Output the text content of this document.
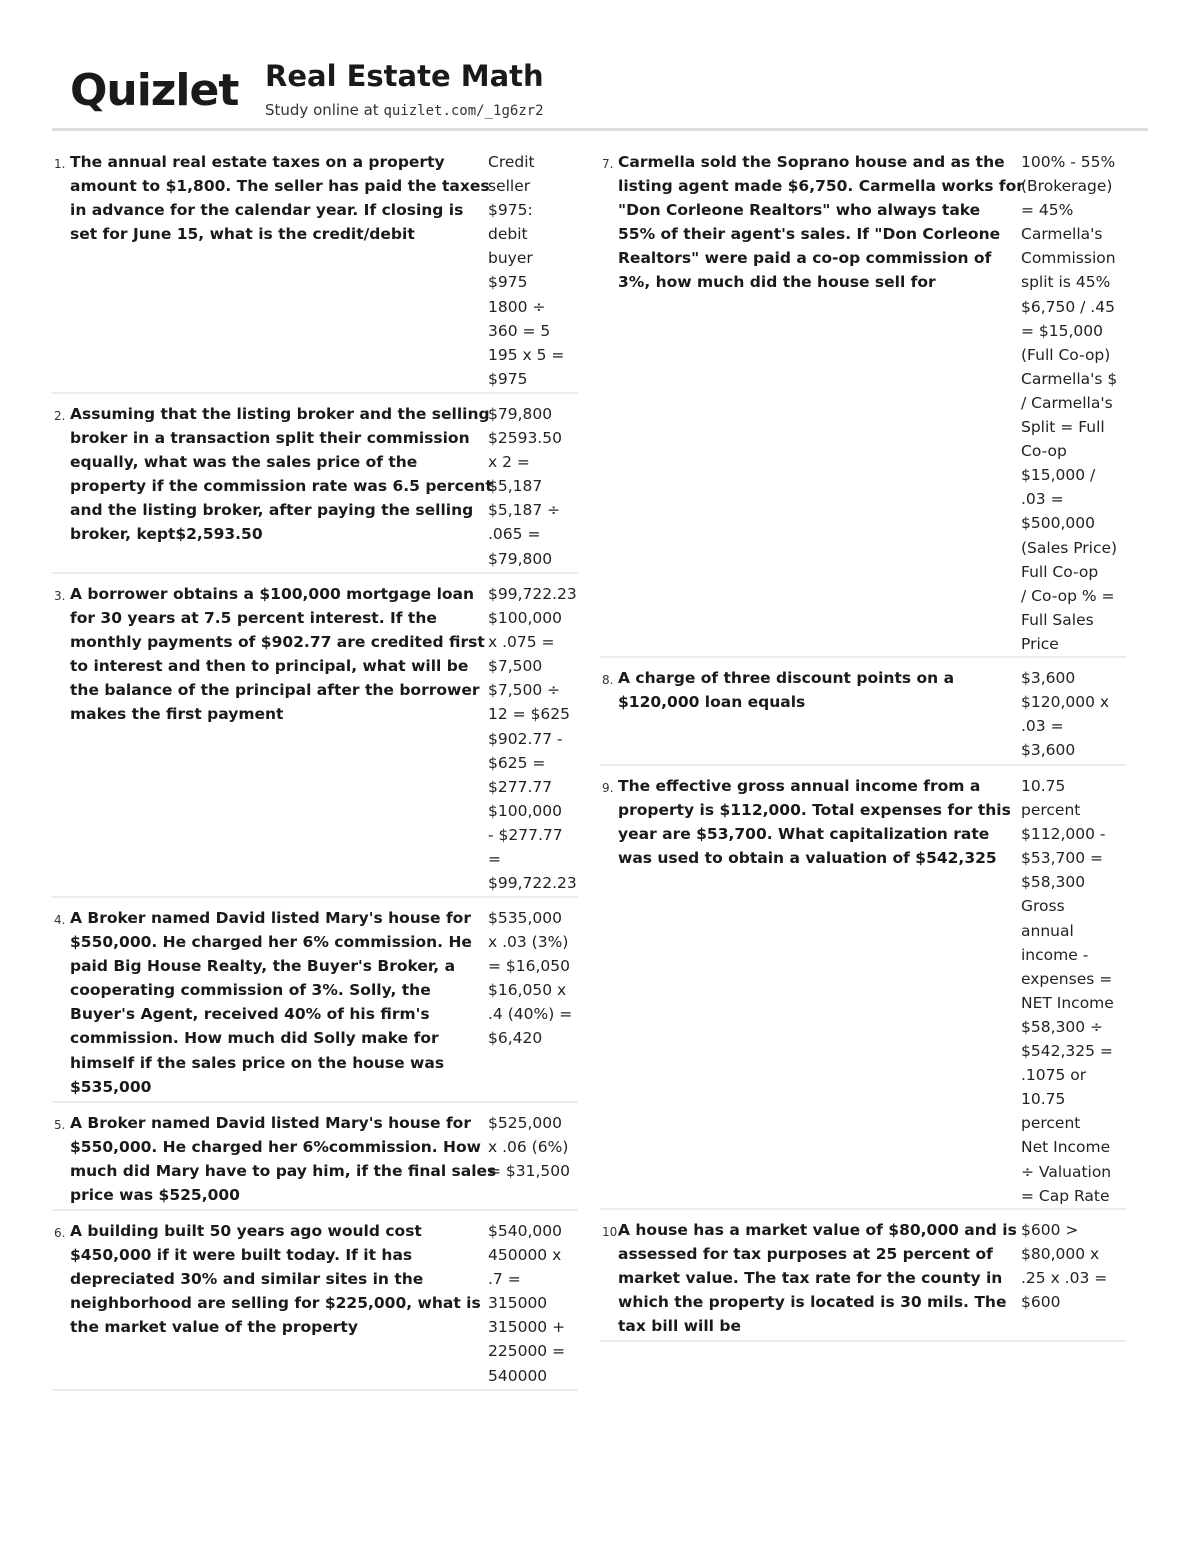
Quizlet Real Estate Math
Study online at quizlet.com/_1g6zr2
1. The annual real estate taxes on a property
amount to $1,800. The seller has paid the taxes
in advance for the calendar year. If closing is
set for June 15, what is the credit/debit
Credit
seller
$975:
debit
buyer
$975
1800 ÷
360 = 5
195 x 5 =
$975
2. Assuming that the listing broker and the selling
broker in a transaction split their commission
equally, what was the sales price of the
property if the commission rate was 6.5 percent
and the listing broker, after paying the selling
broker, kept$2,593.50
$79,800
$2593.50
x 2 =
$5,187
$5,187 ÷
.065 =
$79,800
3. A borrower obtains a $100,000 mortgage loan
for 30 years at 7.5 percent interest. If the
monthly payments of $902.77 are credited first
to interest and then to principal, what will be
the balance of the principal after the borrower
makes the first payment
$99,722.23
$100,000
x .075 =
$7,500
$7,500 ÷
12 = $625
$902.77 -
$625 =
$277.77
$100,000
- $277.77
=
$99,722.23
4. A Broker named David listed Mary's house for
$550,000. He charged her 6% commission. He
paid Big House Realty, the Buyer's Broker, a
cooperating commission of 3%. Solly, the
Buyer's Agent, received 40% of his firm's
commission. How much did Solly make for
himself if the sales price on the house was
$535,000
$535,000
x .03 (3%)
= $16,050
$16,050 x
.4 (40%) =
$6,420
5. A Broker named David listed Mary's house for
$550,000. He charged her 6%commission. How
much did Mary have to pay him, if the final sales
price was $525,000
$525,000
x .06 (6%)
= $31,500
6. A building built 50 years ago would cost
$450,000 if it were built today. If it has
depreciated 30% and similar sites in the
neighborhood are selling for $225,000, what is
the market value of the property
$540,000
450000 x
.7 =
315000
315000 +
225000 =
540000
7. Carmella sold the Soprano house and as the
listing agent made $6,750. Carmella works for
"Don Corleone Realtors" who always take
55% of their agent's sales. If "Don Corleone
Realtors" were paid a co-op commission of
3%, how much did the house sell for
100% - 55%
(Brokerage)
= 45%
Carmella's
Commission
split is 45%
$6,750 / .45
= $15,000
(Full Co-op)
Carmella's $
/ Carmella's
Split = Full
Co-op
$15,000 /
.03 =
$500,000
(Sales Price)
Full Co-op
/ Co-op % =
Full Sales
Price
8. A charge of three discount points on a
$120,000 loan equals
$3,600
$120,000 x
.03 =
$3,600
9. The effective gross annual income from a
property is $112,000. Total expenses for this
year are $53,700. What capitalization rate
was used to obtain a valuation of $542,325
10.75
percent
$112,000 -
$53,700 =
$58,300
Gross
annual
income -
expenses =
NET Income
$58,300 ÷
$542,325 =
.1075 or
10.75
percent
Net Income
÷ Valuation
= Cap Rate
10.
A house has a market value of $80,000 and is
assessed for tax purposes at 25 percent of
market value. The tax rate for the county in
which the property is located is 30 mils. The
tax bill will be
$600 >
$80,000 x
.25 x .03 =
$600
